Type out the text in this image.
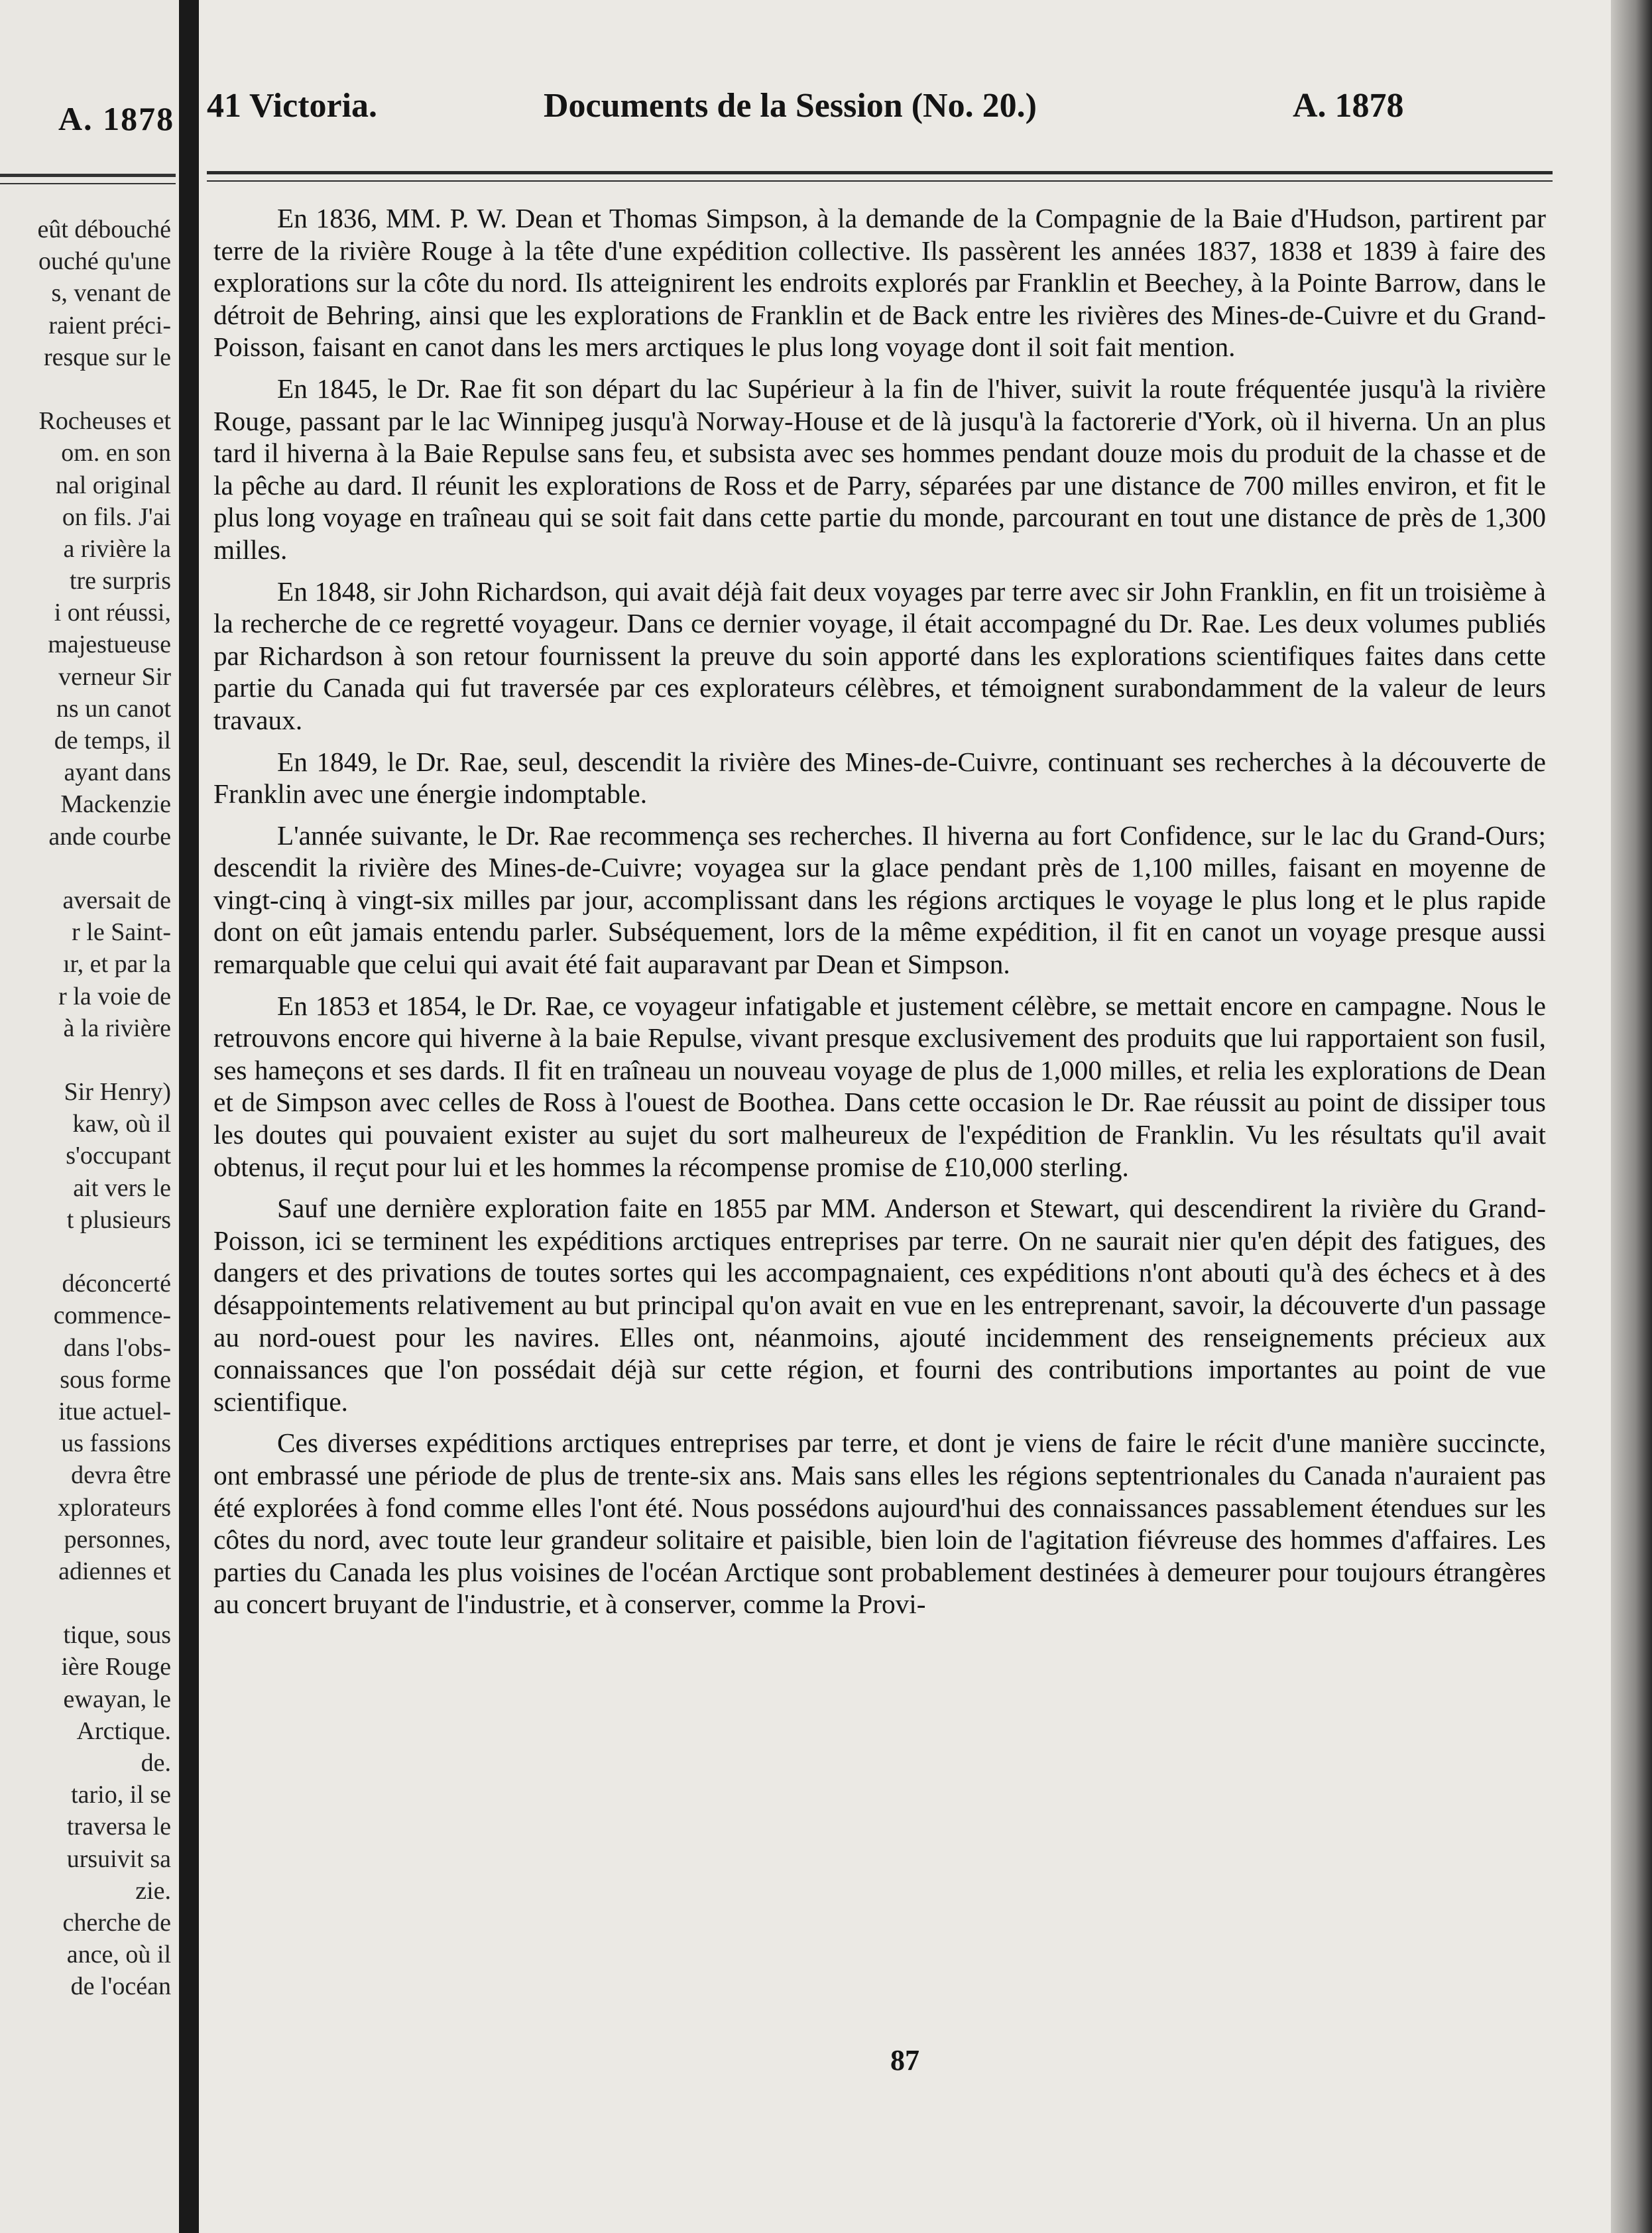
A. 1878
eût débouché
ouché qu'une
s, venant de
raient préci-
resque sur le
Rocheuses et
om. en son
nal original
on fils. J'ai
a rivière la
tre surpris
i ont réussi,
majestueuse
verneur Sir
ns un canot
de temps, il
ayant dans
Mackenzie
ande courbe
aversait de
r le Saint-
ır, et par la
r la voie de
à la rivière
Sir Henry)
kaw, où il
s'occupant
ait vers le
t plusieurs
déconcerté
commence-
dans l'obs-
sous forme
itue actuel-
us fassions
devra être
xplorateurs
personnes,
adiennes et
tique, sous
ière Rouge
ewayan, le
Arctique.
de.
tario, il se
traversa le
ursuivit sa
zie.
cherche de
ance, où il
de l'océan
41 Victoria.	Documents de la Session (No. 20.)	A. 1878

En 1836, MM. P. W. Dean et Thomas Simpson, à la demande de la Compagnie de la Baie d'Hudson, partirent par terre de la rivière Rouge à la tête d'une expédition collective. Ils passèrent les années 1837, 1838 et 1839 à faire des explorations sur la côte du nord. Ils atteignirent les endroits explorés par Franklin et Beechey, à la Pointe Barrow, dans le détroit de Behring, ainsi que les explorations de Franklin et de Back entre les rivières des Mines-de-Cuivre et du Grand-Poisson, faisant en canot dans les mers arctiques le plus long voyage dont il soit fait mention.

En 1845, le Dr. Rae fit son départ du lac Supérieur à la fin de l'hiver, suivit la route fréquentée jusqu'à la rivière Rouge, passant par le lac Winnipeg jusqu'à Norway-House et de là jusqu'à la factorerie d'York, où il hiverna. Un an plus tard il hiverna à la Baie Repulse sans feu, et subsista avec ses hommes pendant douze mois du produit de la chasse et de la pêche au dard. Il réunit les explorations de Ross et de Parry, séparées par une distance de 700 milles environ, et fit le plus long voyage en traîneau qui se soit fait dans cette partie du monde, parcourant en tout une distance de près de 1,300 milles.

En 1848, sir John Richardson, qui avait déjà fait deux voyages par terre avec sir John Franklin, en fit un troisième à la recherche de ce regretté voyageur. Dans ce dernier voyage, il était accompagné du Dr. Rae. Les deux volumes publiés par Richardson à son retour fournissent la preuve du soin apporté dans les explorations scientifiques faites dans cette partie du Canada qui fut traversée par ces explorateurs célèbres, et témoignent surabondamment de la valeur de leurs travaux.

En 1849, le Dr. Rae, seul, descendit la rivière des Mines-de-Cuivre, continuant ses recherches à la découverte de Franklin avec une énergie indomptable.

L'année suivante, le Dr. Rae recommença ses recherches. Il hiverna au fort Confidence, sur le lac du Grand-Ours; descendit la rivière des Mines-de-Cuivre; voyagea sur la glace pendant près de 1,100 milles, faisant en moyenne de vingt-cinq à vingt-six milles par jour, accomplissant dans les régions arctiques le voyage le plus long et le plus rapide dont on eût jamais entendu parler. Subséquement, lors de la même expédition, il fit en canot un voyage presque aussi remarquable que celui qui avait été fait auparavant par Dean et Simpson.

En 1853 et 1854, le Dr. Rae, ce voyageur infatigable et justement célèbre, se mettait encore en campagne. Nous le retrouvons encore qui hiverne à la baie Repulse, vivant presque exclusivement des produits que lui rapportaient son fusil, ses hameçons et ses dards. Il fit en traîneau un nouveau voyage de plus de 1,000 milles, et relia les explorations de Dean et de Simpson avec celles de Ross à l'ouest de Boothea. Dans cette occasion le Dr. Rae réussit au point de dissiper tous les doutes qui pouvaient exister au sujet du sort malheureux de l'expédition de Franklin. Vu les résultats qu'il avait obtenus, il reçut pour lui et les hommes la récompense promise de £10,000 sterling.

Sauf une dernière exploration faite en 1855 par MM. Anderson et Stewart, qui descendirent la rivière du Grand-Poisson, ici se terminent les expéditions arctiques entreprises par terre. On ne saurait nier qu'en dépit des fatigues, des dangers et des privations de toutes sortes qui les accompagnaient, ces expéditions n'ont abouti qu'à des échecs et à des désappointements relativement au but principal qu'on avait en vue en les entreprenant, savoir, la découverte d'un passage au nord-ouest pour les navires. Elles ont, néanmoins, ajouté incidemment des renseignements précieux aux connaissances que l'on possédait déjà sur cette région, et fourni des contributions importantes au point de vue scientifique.

Ces diverses expéditions arctiques entreprises par terre, et dont je viens de faire le récit d'une manière succincte, ont embrassé une période de plus de trente-six ans. Mais sans elles les régions septentrionales du Canada n'auraient pas été explorées à fond comme elles l'ont été. Nous possédons aujourd'hui des connaissances passablement étendues sur les côtes du nord, avec toute leur grandeur solitaire et paisible, bien loin de l'agitation fiévreuse des hommes d'affaires. Les parties du Canada les plus voisines de l'océan Arctique sont probablement destinées à demeurer pour toujours étrangères au concert bruyant de l'industrie, et à conserver, comme la Provi-

87
